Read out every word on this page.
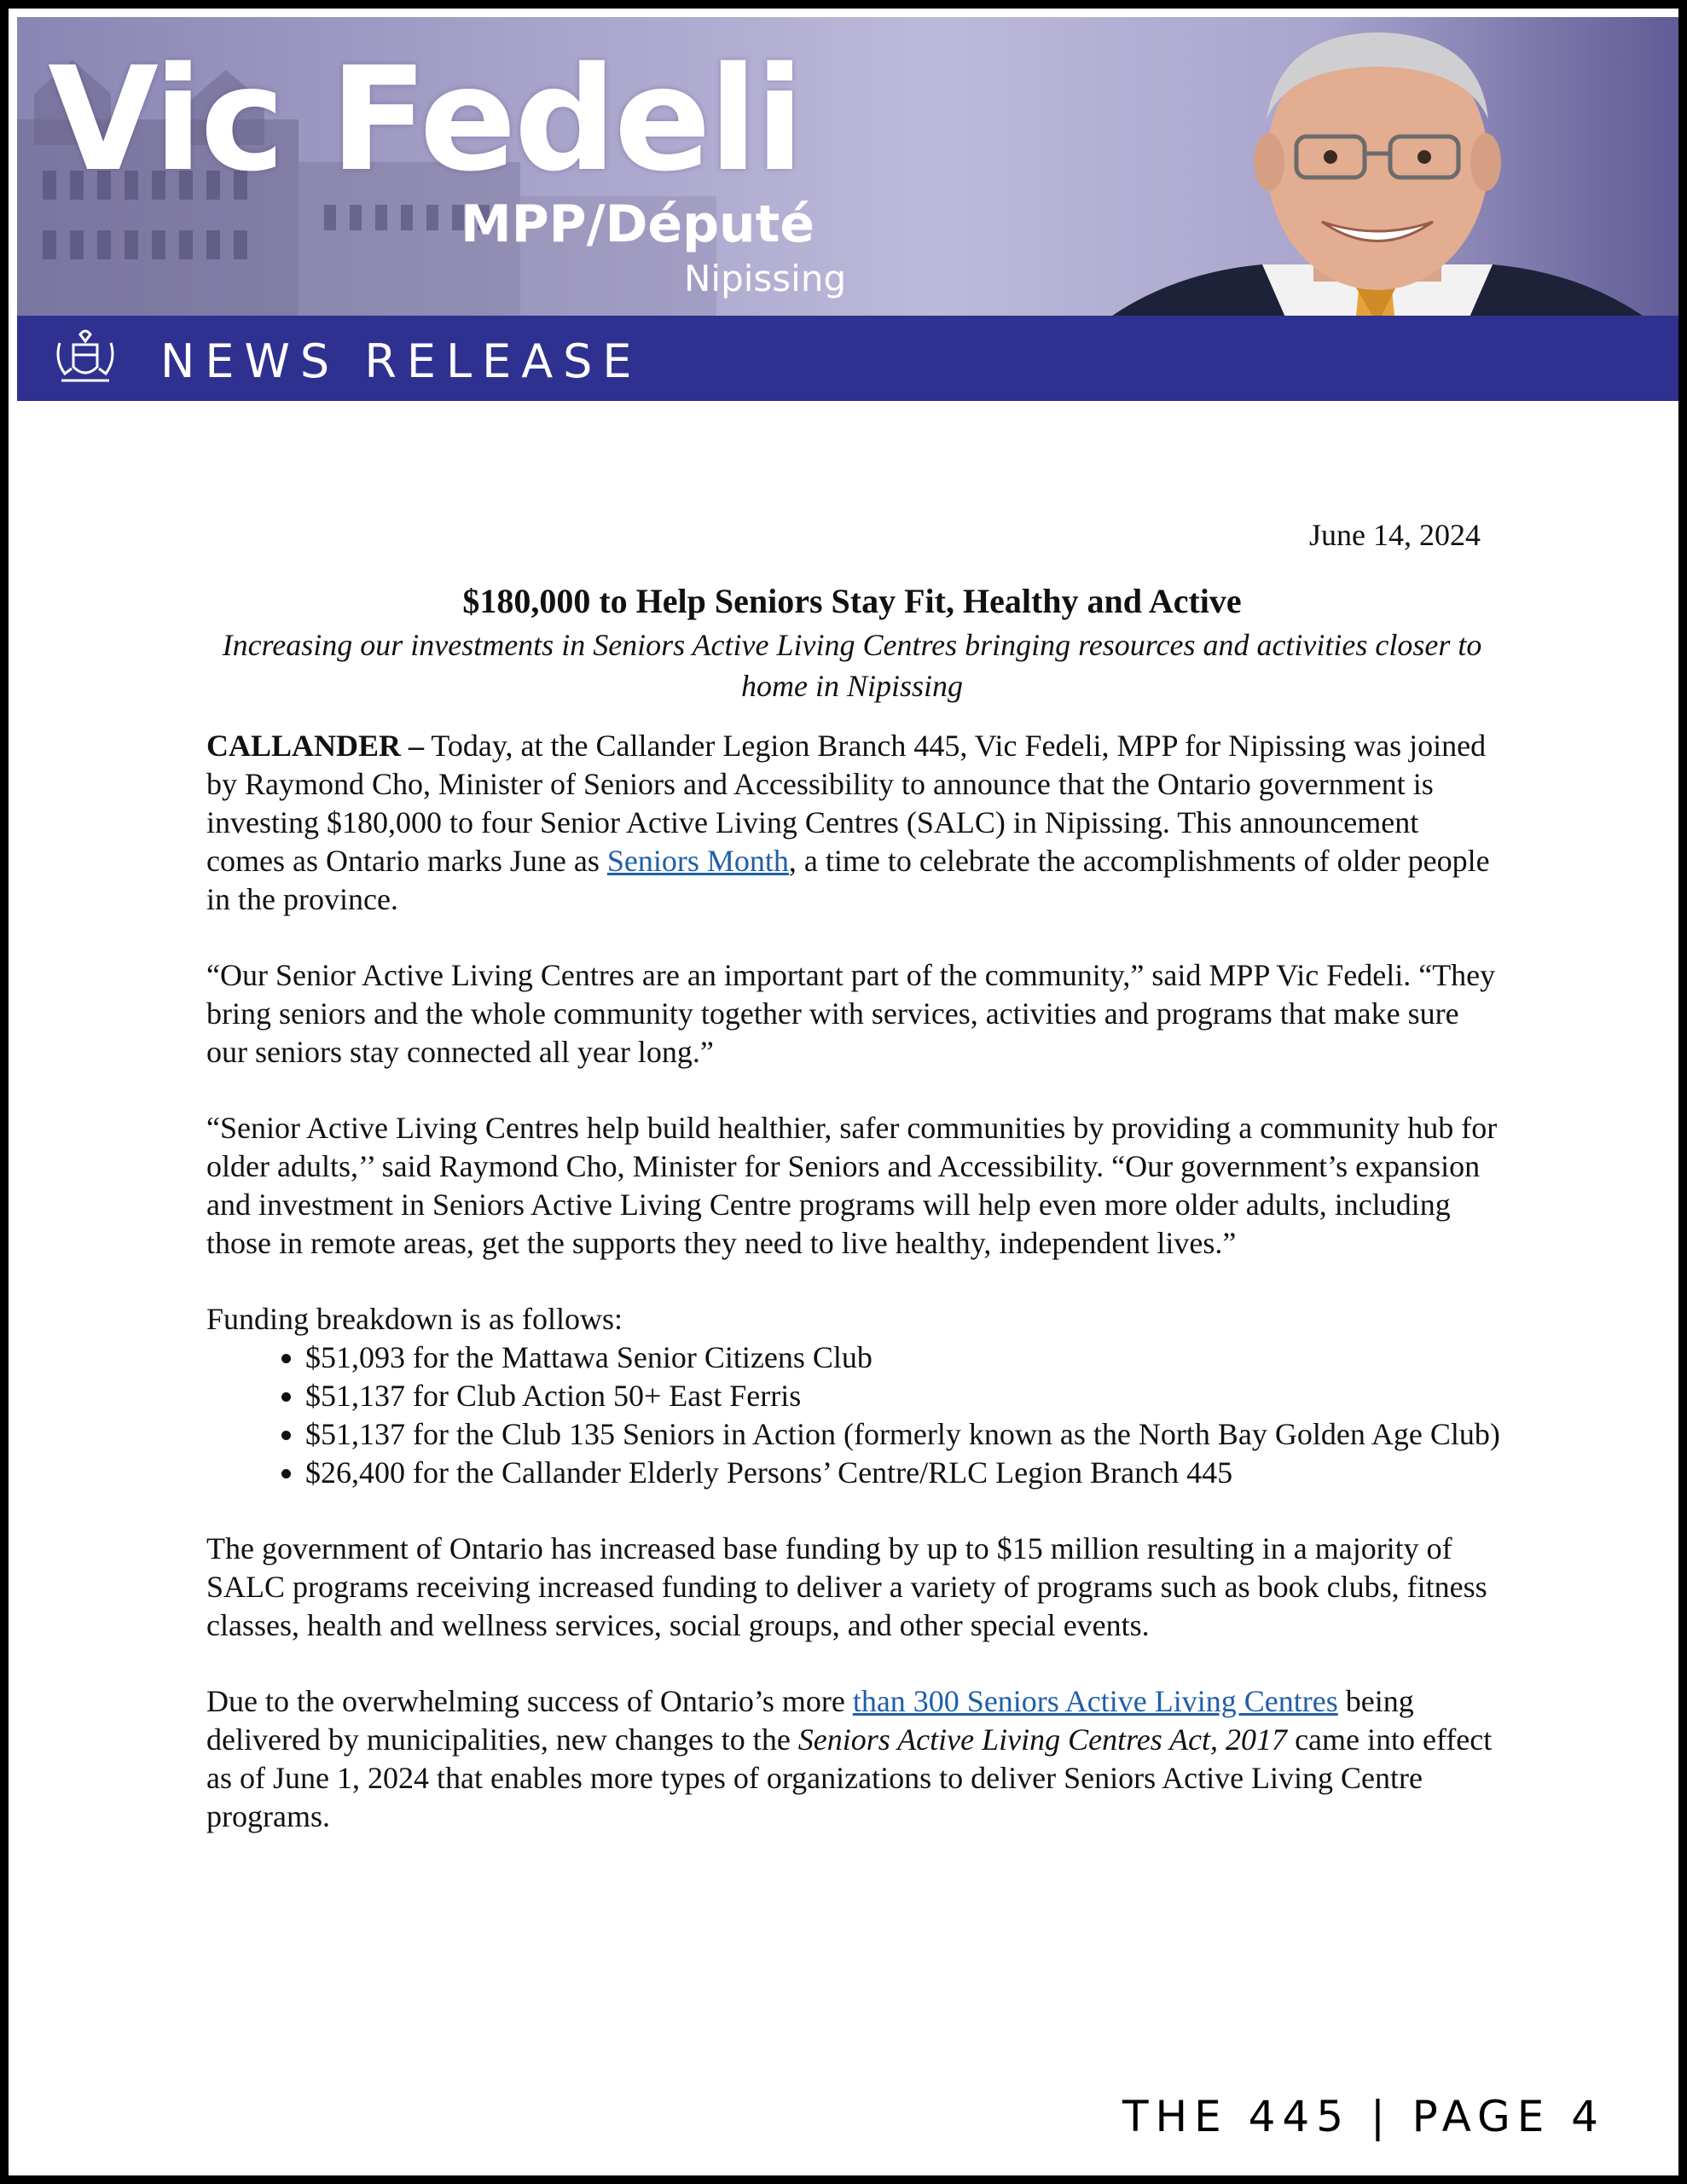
Vic Fedeli
MPP/Député
Nipissing
NEWS RELEASE
June 14, 2024
$180,000 to Help Seniors Stay Fit, Healthy and Active
Increasing our investments in Seniors Active Living Centres bringing resources and activities closer to home in Nipissing

CALLANDER – Today, at the Callander Legion Branch 445, Vic Fedeli, MPP for Nipissing was joined by Raymond Cho, Minister of Seniors and Accessibility to announce that the Ontario government is investing $180,000 to four Senior Active Living Centres (SALC) in Nipissing. This announcement comes as Ontario marks June as Seniors Month, a time to celebrate the accomplishments of older people in the province.

“Our Senior Active Living Centres are an important part of the community,” said MPP Vic Fedeli. “They bring seniors and the whole community together with services, activities and programs that make sure our seniors stay connected all year long.”

“Senior Active Living Centres help build healthier, safer communities by providing a community hub for older adults,’’ said Raymond Cho, Minister for Seniors and Accessibility. “Our government’s expansion and investment in Seniors Active Living Centre programs will help even more older adults, including those in remote areas, get the supports they need to live healthy, independent lives.”

Funding breakdown is as follows:

• $51,093 for the Mattawa Senior Citizens Club
• $51,137 for Club Action 50+ East Ferris
• $51,137 for the Club 135 Seniors in Action (formerly known as the North Bay Golden Age Club)
• $26,400 for the Callander Elderly Persons’ Centre/RLC Legion Branch 445

The government of Ontario has increased base funding by up to $15 million resulting in a majority of SALC programs receiving increased funding to deliver a variety of programs such as book clubs, fitness classes, health and wellness services, social groups, and other special events.

Due to the overwhelming success of Ontario’s more than 300 Seniors Active Living Centres being delivered by municipalities, new changes to the Seniors Active Living Centres Act, 2017 came into effect as of June 1, 2024 that enables more types of organizations to deliver Seniors Active Living Centre programs.

THE 445 | PAGE 4
